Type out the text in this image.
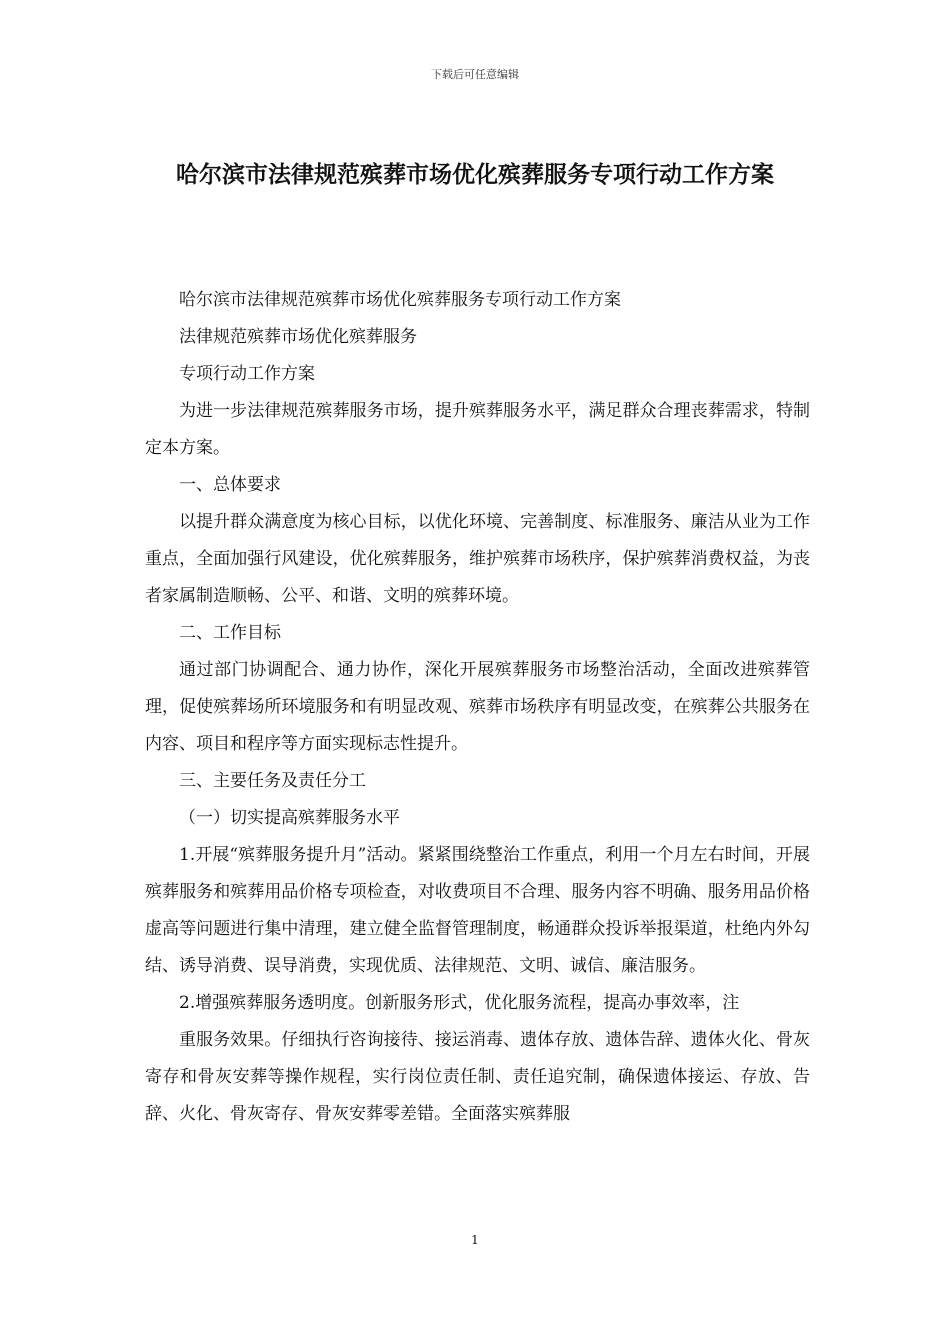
下载后可任意编辑
哈尔滨市法律规范殡葬市场优化殡葬服务专项行动工作方案

哈尔滨市法律规范殡葬市场优化殡葬服务专项行动工作方案

法律规范殡葬市场优化殡葬服务

专项行动工作方案

为进一步法律规范殡葬服务市场，提升殡葬服务水平，满足群众合理丧葬需求，特制定本方案。

一、总体要求

以提升群众满意度为核心目标，以优化环境、完善制度、标准服务、廉洁从业为工作重点，全面加强行风建设，优化殡葬服务，维护殡葬市场秩序，保护殡葬消费权益，为丧者家属制造顺畅、公平、和谐、文明的殡葬环境。

二、工作目标

通过部门协调配合、通力协作，深化开展殡葬服务市场整治活动，全面改进殡葬管理，促使殡葬场所环境服务和有明显改观、殡葬市场秩序有明显改变，在殡葬公共服务在内容、项目和程序等方面实现标志性提升。

三、主要任务及责任分工

（一）切实提高殡葬服务水平

1.开展“殡葬服务提升月”活动。紧紧围绕整治工作重点，利用一个月左右时间，开展殡葬服务和殡葬用品价格专项检查，对收费项目不合理、服务内容不明确、服务用品价格虚高等问题进行集中清理，建立健全监督管理制度，畅通群众投诉举报渠道，杜绝内外勾结、诱导消费、误导消费，实现优质、法律规范、文明、诚信、廉洁服务。

2.增强殡葬服务透明度。创新服务形式，优化服务流程，提高办事效率，注

重服务效果。仔细执行咨询接待、接运消毒、遗体存放、遗体告辞、遗体火化、骨灰寄存和骨灰安葬等操作规程，实行岗位责任制、责任追究制，确保遗体接运、存放、告辞、火化、骨灰寄存、骨灰安葬零差错。全面落实殡葬服

1
